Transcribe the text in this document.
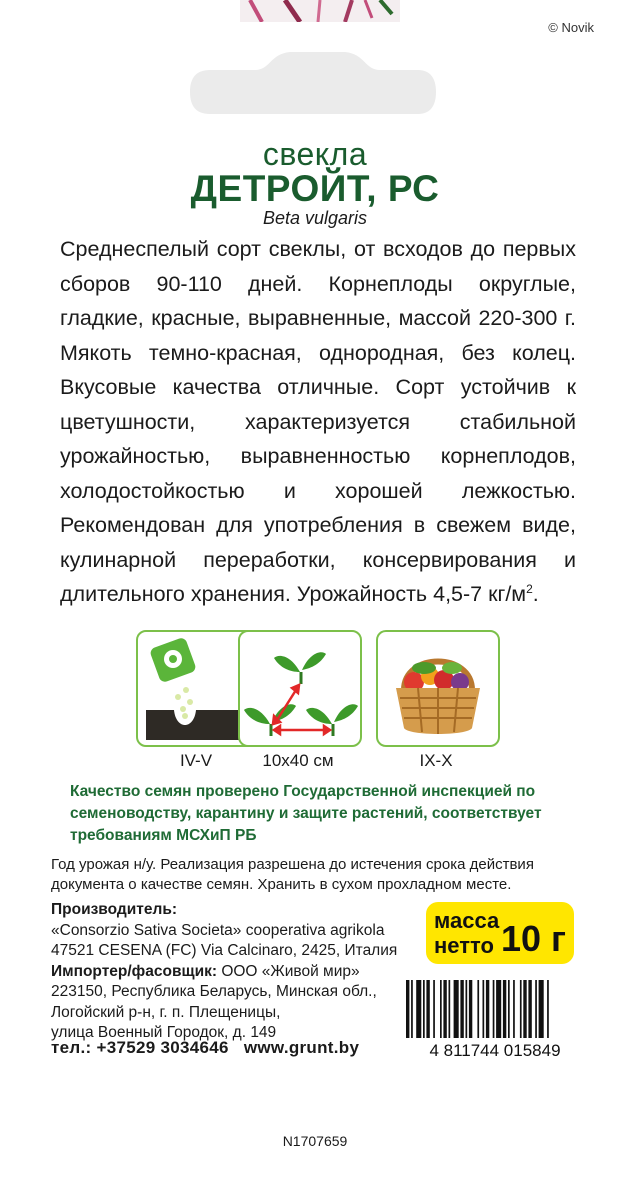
© Novik
свекла
ДЕТРОЙТ, РС
Beta vulgaris

Среднеспелый сорт свеклы, от всходов до первых сборов 90-110 дней. Корнеплоды округлые, гладкие, красные, выравненные, массой 220-300 г. Мякоть темно-красная, однородная, без колец. Вкусовые качества отличные. Сорт устойчив к цветушности, характеризуется стабильной урожайностью, выравненностью корнеплодов, холодостойкостью и хорошей лежкостью. Рекомендован для употребления в свежем виде, кулинарной переработки, консервирования и длительного хранения. Урожайность 4,5-7 $кг/м^2$.

IV-V	10x40 см	IX-X
Качество семян проверено Государственной инспекцией по семеноводству, карантину и защите растений, соответствует требованиям МСХиП РБ
Год урожая н/у. Реализация разрешена до истечения срока действия документа о качестве семян. Хранить в сухом прохладном месте.
Производитель:
«Consorzio Sativa Societa» cooperativa agrikola
47521 CESENA (FC) Via Calcinaro, 2425, Италия
Импортер/фасовщик: ООО «Живой мир»
223150, Республика Беларусь, Минская обл.,
Логойский р-н, г. п. Плещеницы,
улица Военный Городок, д. 149
тел.: +37529 3034646 www.grunt.by
масса
нетто 10 г
4 811744 015849
N1707659
